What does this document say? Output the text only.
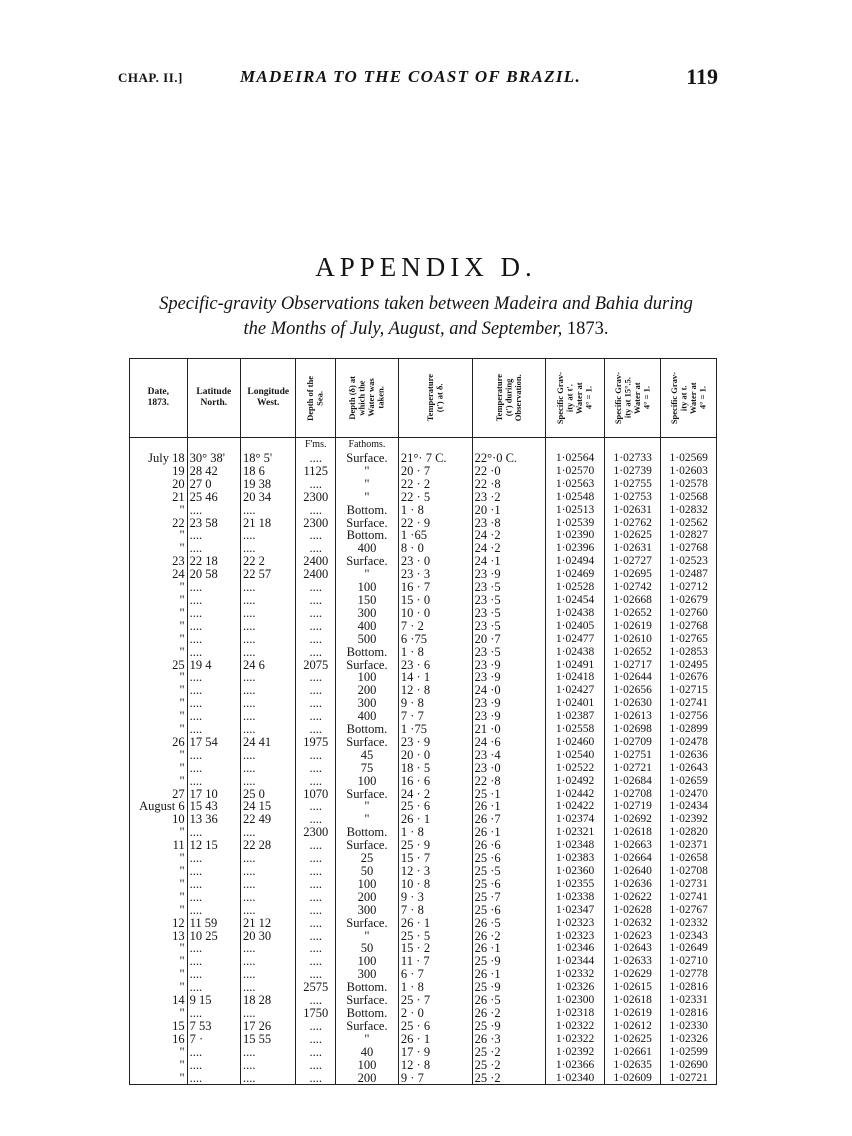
CHAP. II.]	MADEIRA TO THE COAST OF BRAZIL.	119
APPENDIX D.
Specific-gravity Observations taken between Madeira and Bahia during
the Months of July, August, and September, 1873.
Date,
1873.	Latitude
North.	Longitude
West.	Depth of the
Sea.	Depth (δ) at
which the
Water was
taken.	Temperature
(t') at δ.	Temperature
(t') during
Observation.	Specific Grav-
ity at t'.
Water at
4° = 1.	Specific Grav-
ity at 15°.5.
Water at
4° = 1.	Specific Grav-
ity at t.
Water at
4° = 1.

			F'ms.	Fathoms.					
July 18	30° 38'	18° 5'	....	Surface.	21°· 7 C.	22°·0 C.	1·02564	1·02733	1·02569
19	28 42	18 6	1125	"	20 · 7	22 ·0	1·02570	1·02739	1·02603
20	27 0	19 38	....	"	22 · 2	22 ·8	1·02563	1·02755	1·02578
21	25 46	20 34	2300	"	22 · 5	23 ·2	1·02548	1·02753	1·02568
"	....	....	....	Bottom.	1 · 8	20 ·1	1·02513	1·02631	1·02832
22	23 58	21 18	2300	Surface.	22 · 9	23 ·8	1·02539	1·02762	1·02562
"	....	....	....	Bottom.	1 ·65	24 ·2	1·02390	1·02625	1·02827
"	....	....	....	400	8 · 0	24 ·2	1·02396	1·02631	1·02768
23	22 18	22 2	2400	Surface.	23 · 0	24 ·1	1·02494	1·02727	1·02523
24	20 58	22 57	2400	"	23 · 3	23 ·9	1·02469	1·02695	1·02487
"	....	....	....	100	16 · 7	23 ·5	1·02528	1·02742	1·02712
"	....	....	....	150	15 · 0	23 ·5	1·02454	1·02668	1·02679
"	....	....	....	300	10 · 0	23 ·5	1·02438	1·02652	1·02760
"	....	....	....	400	7 · 2	23 ·5	1·02405	1·02619	1·02768
"	....	....	....	500	6 ·75	20 ·7	1·02477	1·02610	1·02765
"	....	....	....	Bottom.	1 · 8	23 ·5	1·02438	1·02652	1·02853
25	19 4	24 6	2075	Surface.	23 · 6	23 ·9	1·02491	1·02717	1·02495
"	....	....	....	100	14 · 1	23 ·9	1·02418	1·02644	1·02676
"	....	....	....	200	12 · 8	24 ·0	1·02427	1·02656	1·02715
"	....	....	....	300	9 · 8	23 ·9	1·02401	1·02630	1·02741
"	....	....	....	400	7 · 7	23 ·9	1·02387	1·02613	1·02756
"	....	....	....	Bottom.	1 ·75	21 ·0	1·02558	1·02698	1·02899
26	17 54	24 41	1975	Surface.	23 · 9	24 ·6	1·02460	1·02709	1·02478
"	....	....	....	45	20 · 0	23 ·4	1·02540	1·02751	1·02636
"	....	....	....	75	18 · 5	23 ·0	1·02522	1·02721	1·02643
"	....	....	....	100	16 · 6	22 ·8	1·02492	1·02684	1·02659
27	17 10	25 0	1070	Surface.	24 · 2	25 ·1	1·02442	1·02708	1·02470
August 6	15 43	24 15	....	"	25 · 6	26 ·1	1·02422	1·02719	1·02434
10	13 36	22 49	....	"	26 · 1	26 ·7	1·02374	1·02692	1·02392
"	....	....	2300	Bottom.	1 · 8	26 ·1	1·02321	1·02618	1·02820
11	12 15	22 28	....	Surface.	25 · 9	26 ·6	1·02348	1·02663	1·02371
"	....	....	....	25	15 · 7	25 ·6	1·02383	1·02664	1·02658
"	....	....	....	50	12 · 3	25 ·5	1·02360	1·02640	1·02708
"	....	....	....	100	10 · 8	25 ·6	1·02355	1·02636	1·02731
"	....	....	....	200	9 · 3	25 ·7	1·02338	1·02622	1·02741
"	....	....	....	300	7 · 8	25 ·6	1·02347	1·02628	1·02767
12	11 59	21 12	....	Surface.	26 · 1	26 ·5	1·02323	1·02632	1·02332
13	10 25	20 30	....	"	25 · 5	26 ·2	1·02323	1·02623	1·02343
"	....	....	....	50	15 · 2	26 ·1	1·02346	1·02643	1·02649
"	....	....	....	100	11 · 7	25 ·9	1·02344	1·02633	1·02710
"	....	....	....	300	6 · 7	26 ·1	1·02332	1·02629	1·02778
"	....	....	2575	Bottom.	1 · 8	25 ·9	1·02326	1·02615	1·02816
14	9 15	18 28	....	Surface.	25 · 7	26 ·5	1·02300	1·02618	1·02331
"	....	....	1750	Bottom.	2 · 0	26 ·2	1·02318	1·02619	1·02816
15	7 53	17 26	....	Surface.	25 · 6	25 ·9	1·02322	1·02612	1·02330
16	7 ·	15 55	....	"	26 · 1	26 ·3	1·02322	1·02625	1·02326
"	....	....	....	40	17 · 9	25 ·2	1·02392	1·02661	1·02599
"	....	....	....	100	12 · 8	25 ·2	1·02366	1·02635	1·02690
"	....	....	....	200	9 · 7	25 ·2	1·02340	1·02609	1·02721
